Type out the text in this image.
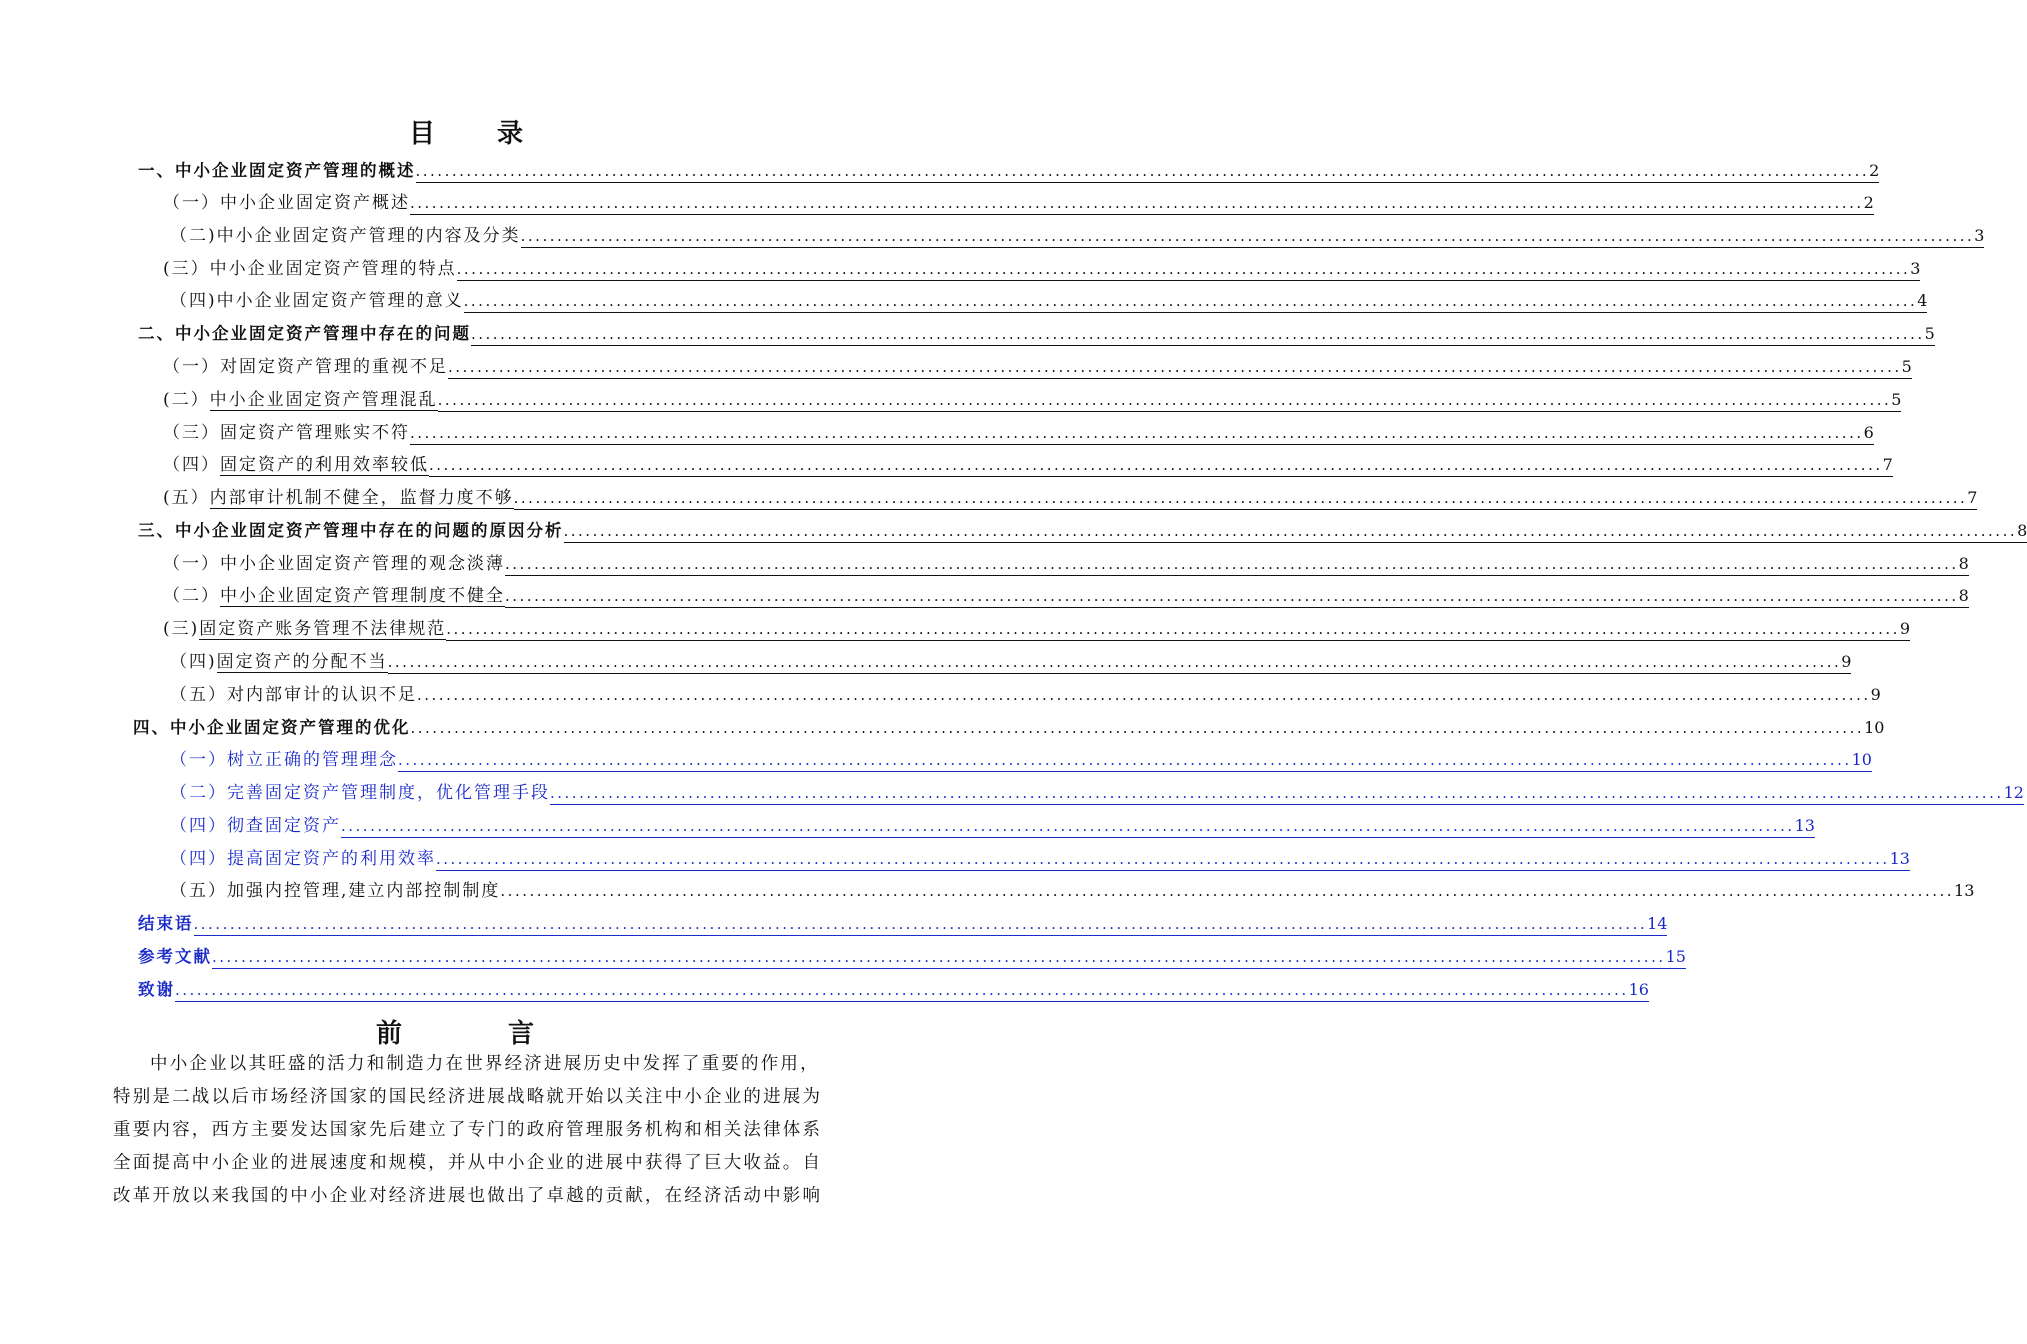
目　录
一、中小企业固定资产管理的概述 ........................................................................................................................................................................................................ 2
（一）中小企业固定资产概述 ........................................................................................................................................................................................................ 2
（二)中小企业固定资产管理的内容及分类 ........................................................................................................................................................................................................ 3
(三）中小企业固定资产管理的特点 ........................................................................................................................................................................................................ 3
（四)中小企业固定资产管理的意义 ........................................................................................................................................................................................................ 4
二、中小企业固定资产管理中存在的问题 ........................................................................................................................................................................................................ 5
（一）对固定资产管理的重视不足 ........................................................................................................................................................................................................ 5
(二）中小企业固定资产管理混乱 ........................................................................................................................................................................................................ 5
（三）固定资产管理账实不符 ........................................................................................................................................................................................................ 6
（四）固定资产的利用效率较低 ........................................................................................................................................................................................................ 7
(五）内部审计机制不健全，监督力度不够 ........................................................................................................................................................................................................ 7
三、中小企业固定资产管理中存在的问题的原因分析 ........................................................................................................................................................................................................ 8
（一）中小企业固定资产管理的观念淡薄 ........................................................................................................................................................................................................ 8
（二）中小企业固定资产管理制度不健全 ........................................................................................................................................................................................................ 8
(三)固定资产账务管理不法律规范 ........................................................................................................................................................................................................ 9
（四)固定资产的分配不当 ........................................................................................................................................................................................................ 9
（五）对内部审计的认识不足 ........................................................................................................................................................................................................ 9
四、中小企业固定资产管理的优化 ........................................................................................................................................................................................................ 10
（一）树立正确的管理理念 ........................................................................................................................................................................................................ 10
（二）完善固定资产管理制度，优化管理手段 ........................................................................................................................................................................................................ 12
（四）彻查固定资产 ........................................................................................................................................................................................................ 13
（四）提高固定资产的利用效率 ........................................................................................................................................................................................................ 13
（五）加强内控管理,建立内部控制制度 ........................................................................................................................................................................................................ 13
结束语 ........................................................................................................................................................................................................ 14
参考文献 ........................................................................................................................................................................................................ 15
致谢 ........................................................................................................................................................................................................ 16
前　言
中小企业以其旺盛的活力和制造力在世界经济进展历史中发挥了重要的作用，
特别是二战以后市场经济国家的国民经济进展战略就开始以关注中小企业的进展为
重要内容，西方主要发达国家先后建立了专门的政府管理服务机构和相关法律体系
全面提高中小企业的进展速度和规模，并从中小企业的进展中获得了巨大收益。自
改革开放以来我国的中小企业对经济进展也做出了卓越的贡献，在经济活动中影响
